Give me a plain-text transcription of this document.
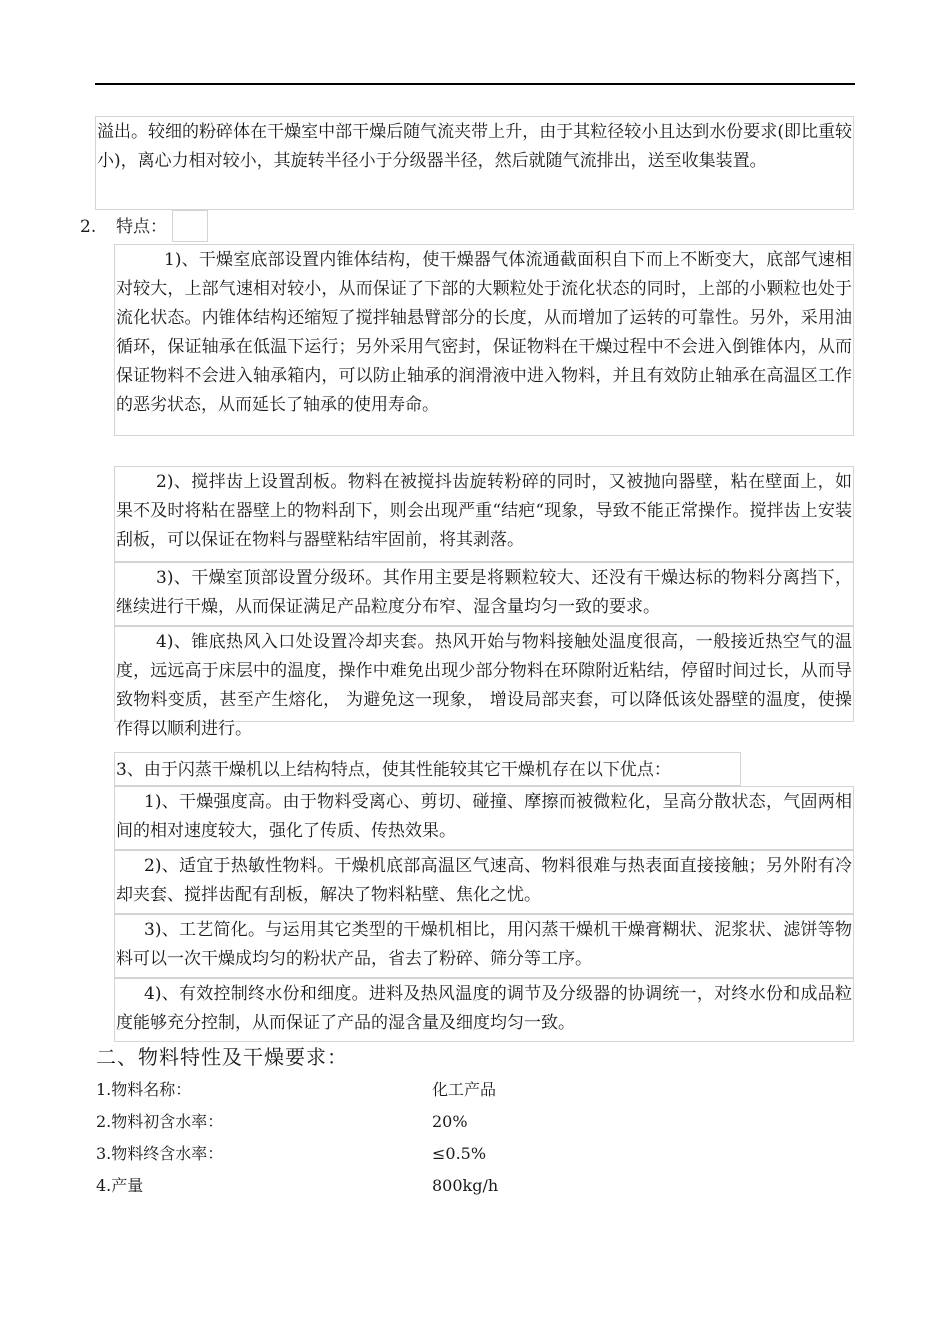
溢出。较细的粉碎体在干燥室中部干燥后随气流夹带上升，由于其粒径较小且达到水份要求(即比重较小)，离心力相对较小，其旋转半径小于分级器半径，然后就随气流排出，送至收集装置。

2. 特点：

1)、干燥室底部设置内锥体结构，使干燥器气体流通截面积自下而上不断变大，底部气速相对较大，上部气速相对较小，从而保证了下部的大颗粒处于流化状态的同时，上部的小颗粒也处于流化状态。内锥体结构还缩短了搅拌轴悬臂部分的长度，从而增加了运转的可靠性。另外，采用油循环，保证轴承在低温下运行；另外采用气密封，保证物料在干燥过程中不会进入倒锥体内，从而保证物料不会进入轴承箱内，可以防止轴承的润滑液中进入物料，并且有效防止轴承在高温区工作的恶劣状态，从而延长了轴承的使用寿命。

2)、搅拌齿上设置刮板。物料在被搅抖齿旋转粉碎的同时，又被抛向器壁，粘在壁面上，如果不及时将粘在器壁上的物料刮下，则会出现严重“结疤“现象，导致不能正常操作。搅拌齿上安装刮板，可以保证在物料与器壁粘结牢固前，将其剥落。

3)、干燥室顶部设置分级环。其作用主要是将颗粒较大、还没有干燥达标的物料分离挡下，继续进行干燥，从而保证满足产品粒度分布窄、湿含量均匀一致的要求。

4)、锥底热风入口处设置冷却夹套。热风开始与物料接触处温度很高，一般接近热空气的温度，远远高于床层中的温度，操作中难免出现少部分物料在环隙附近粘结，停留时间过长，从而导致物料变质，甚至产生熔化， 为避免这一现象， 增设局部夹套，可以降低该处器壁的温度，使操作得以顺利进行。

3、由于闪蒸干燥机以上结构特点，使其性能较其它干燥机存在以下优点：

1)、干燥强度高。由于物料受离心、剪切、碰撞、摩擦而被微粒化，呈高分散状态，气固两相间的相对速度较大，强化了传质、传热效果。

2)、适宜于热敏性物料。干燥机底部高温区气速高、物料很难与热表面直接接触；另外附有冷却夹套、搅拌齿配有刮板，解决了物料粘壁、焦化之忧。

3)、工艺简化。与运用其它类型的干燥机相比，用闪蒸干燥机干燥膏糊状、泥浆状、滤饼等物料可以一次干燥成均匀的粉状产品，省去了粉碎、筛分等工序。

4)、有效控制终水份和细度。进料及热风温度的调节及分级器的协调统一，对终水份和成品粒度能够充分控制，从而保证了产品的湿含量及细度均匀一致。

二、物料特性及干燥要求：
1.物料名称：	化工产品
2.物料初含水率：	20%
3.物料终含水率：	≤0.5%
4.产量	800kg/h
